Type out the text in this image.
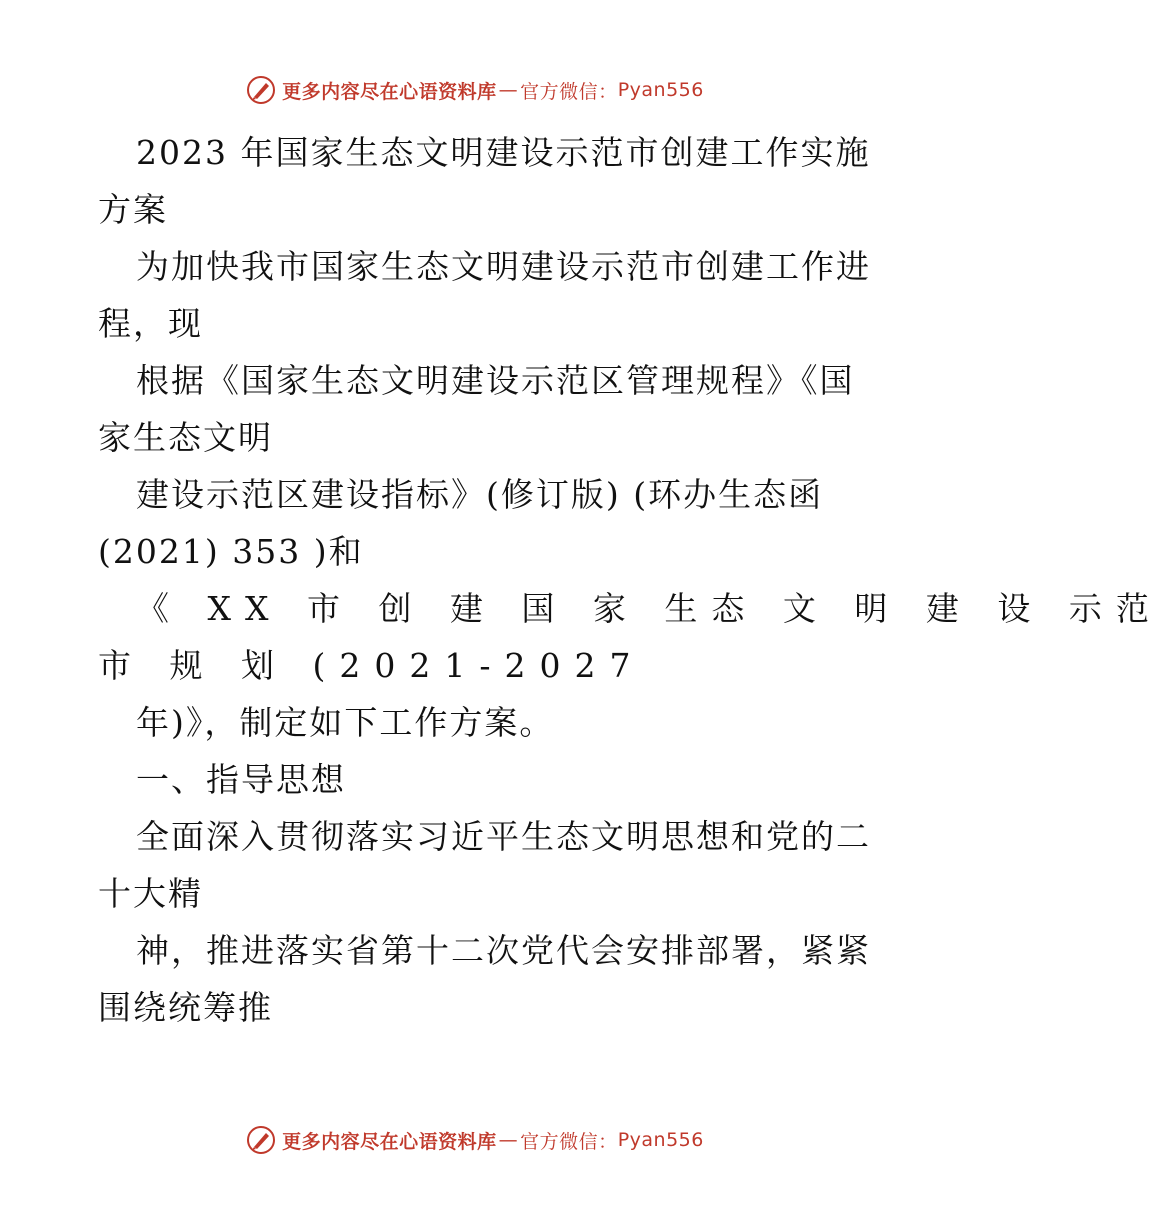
更多内容尽在心语资料库 — 官方微信： Pyan556
2023 年国家生态文明建设示范市创建工作实施
方案
为加快我市国家生态文明建设示范市创建工作进
程，现
根据《国家生态文明建设示范区管理规程》《国
家生态文明
建设示范区建设指标》(修订版) (环办生态函
(2021) 353 )和
《 XX 市 创 建 国 家 生态 文 明 建 设 示范
市 规 划 (2021-2027
年)》，制定如下工作方案。
一、指导思想
全面深入贯彻落实习近平生态文明思想和党的二
十大精
神，推进落实省第十二次党代会安排部署，紧紧
围绕统筹推
更多内容尽在心语资料库 — 官方微信： Pyan556
